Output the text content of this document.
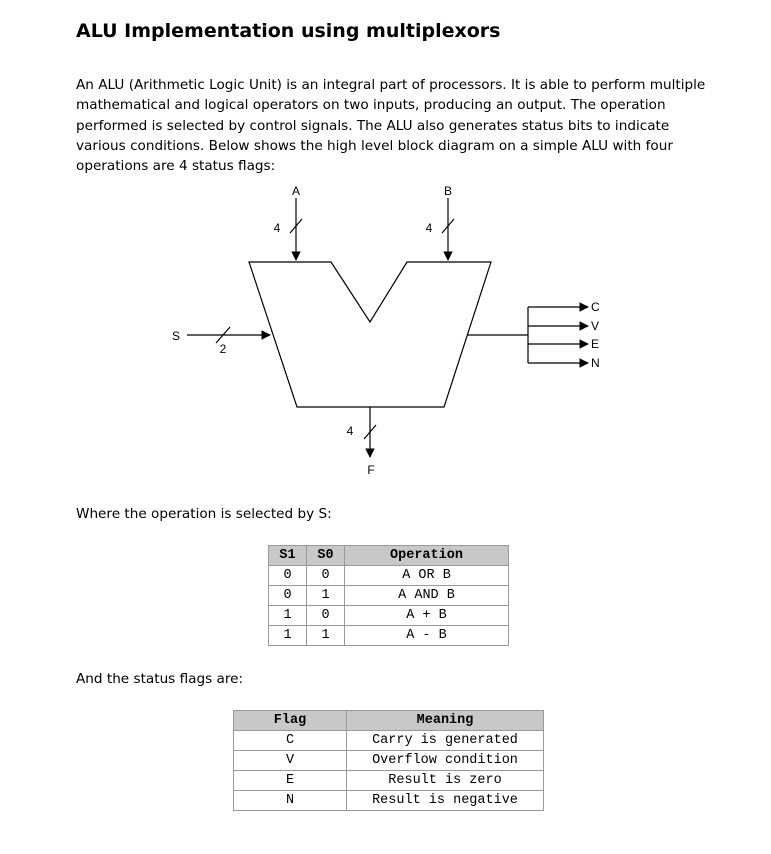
ALU Implementation using multiplexors

An ALU (Arithmetic Logic Unit) is an integral part of processors. It is able to perform multiple mathematical and logical operators on two inputs, producing an output. The operation performed is selected by control signals. The ALU also generates status bits to indicate various conditions. Below shows the high level block diagram on a simple ALU with four operations are 4 status flags:

A	B
4	4
S
2
4
F
C
V
E
N

Where the operation is selected by S:

S1	S0	Operation
0	0	A OR B
0	1	A AND B
1	0	A + B
1	1	A - B

And the status flags are:

Flag	Meaning
C	Carry is generated
V	Overflow condition
E	Result is zero
N	Result is negative
